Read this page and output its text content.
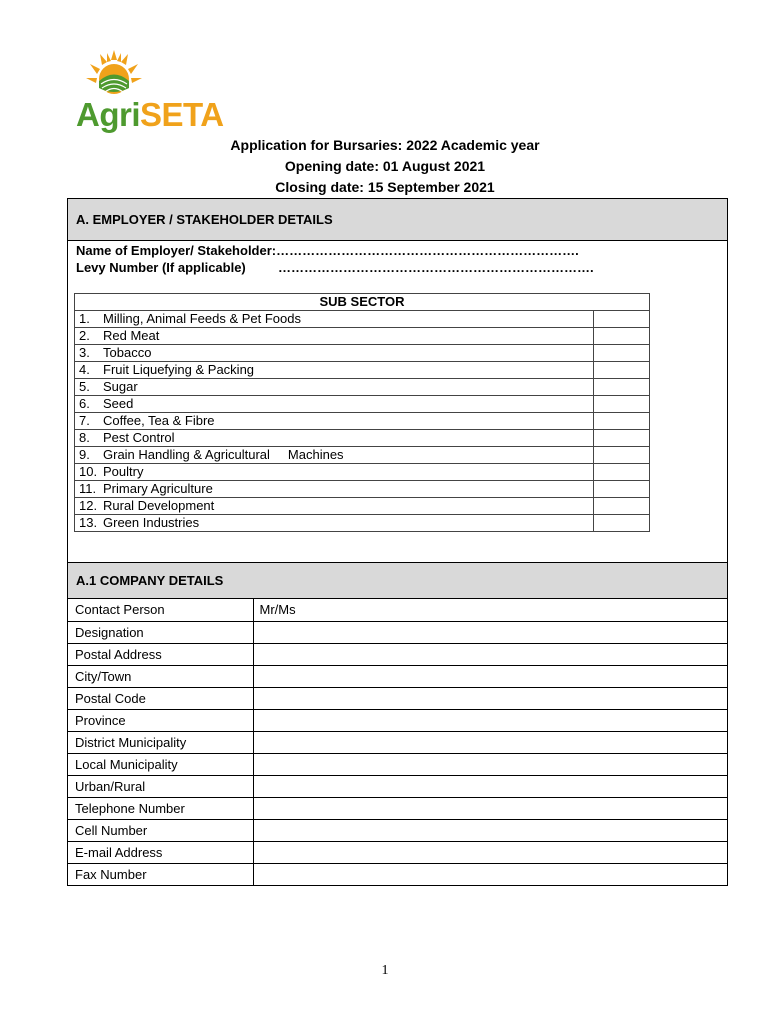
AgriSETA
Application for Bursaries: 2022 Academic year
Opening date: 01 August 2021
Closing date: 15 September 2021
A. EMPLOYER / STAKEHOLDER DETAILS
Name of Employer/ Stakeholder:…………………………………………………………….
Levy Number (If applicable) ……………………………………………………………….
SUB SECTOR	
1. Milling, Animal Feeds & Pet Foods	
2. Red Meat	
3. Tobacco	
4. Fruit Liquefying & Packing	
5. Sugar	
6. Seed	
7. Coffee, Tea & Fibre	
8. Pest Control	
9. Grain Handling & Agricultural Machines	
10. Poultry	
11. Primary Agriculture	
12. Rural Development	
13. Green Industries	
A.1 COMPANY DETAILS
Contact Person	Mr/Ms
Designation	
Postal Address	
City/Town	
Postal Code	
Province	
District Municipality	
Local Municipality	
Urban/Rural	
Telephone Number	
Cell Number	
E-mail Address	
Fax Number	
1
